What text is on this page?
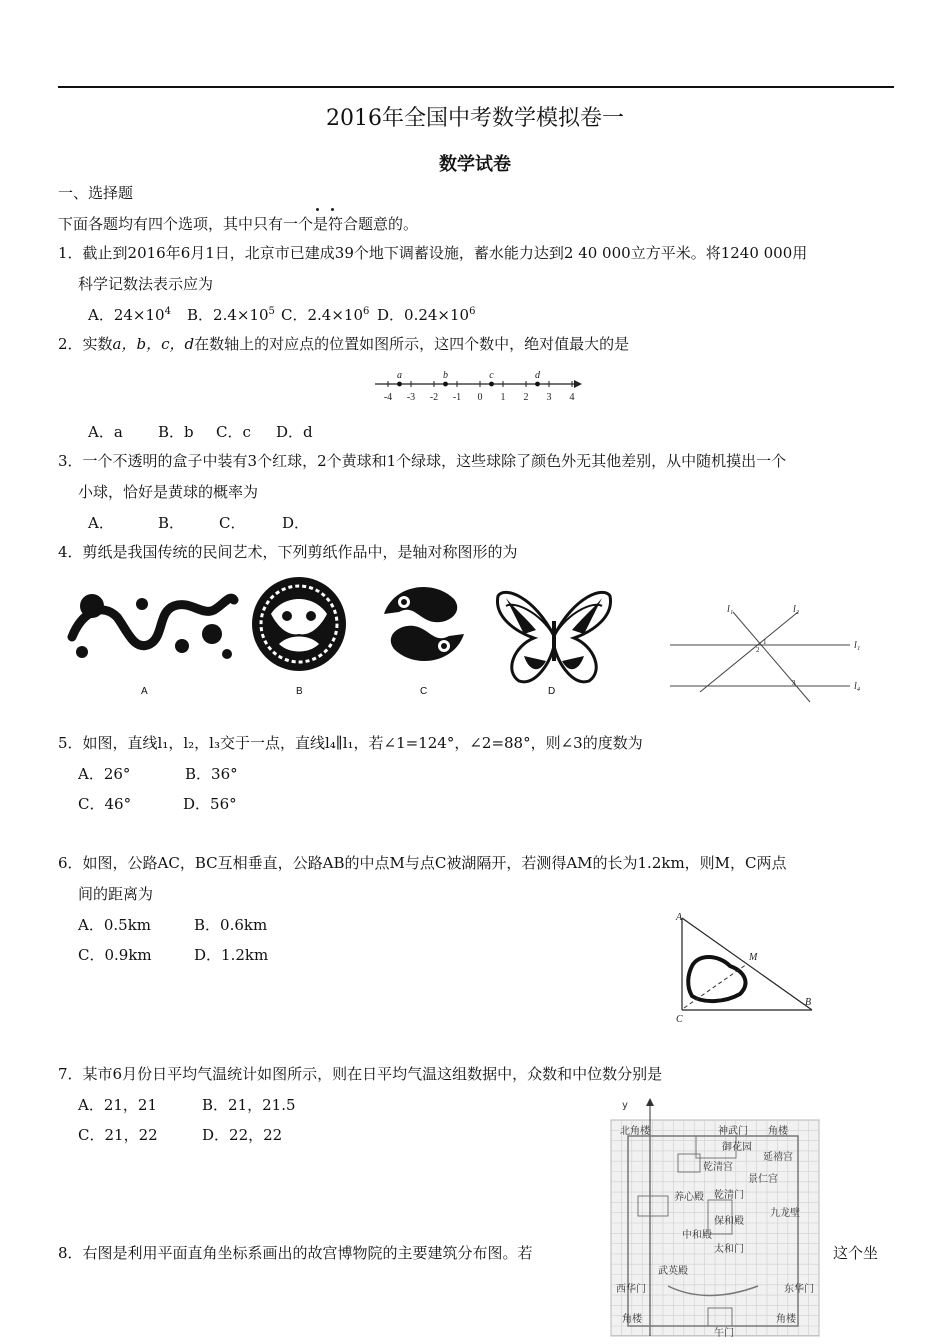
2016年全国中考数学模拟卷一
数学试卷
一、选择题
下面各题均有四个选项，其中只有一个是符合题意的。
1．截止到2016年6月1日，北京市已建成39个地下调蓄设施，蓄水能力达到2 40 000立方平米。将1240 000用
科学记数法表示应为
A．$24\times 10^4$ B．$2.4\times 10^5$ C．$2.4\times 10^6$ D．$0.24\times 10^6$
2．实数a，b，c，d在数轴上的对应点的位置如图所示，这四个数中，绝对值最大的是
-4 -3 -2 -1 0 1 2 3 4
a	b	c	d
A．a B．b C．c D．d
3．一个不透明的盒子中装有3个红球，2个黄球和1个绿球，这些球除了颜色外无其他差别，从中随机摸出一个
小球，恰好是黄球的概率为
A．	B． C． D．
4．剪纸是我国传统的民间艺术，下列剪纸作品中，是轴对称图形的为
A	B	C	D
l₁	l₂
l₁
l₄
1
2
3
5．如图，直线l₁，l₂，l₃交于一点，直线l₄∥l₁，若∠1=124°，∠2=88°，则∠3的度数为
A．26°	B．36°
C．46°	D．56°
6．如图，公路AC，BC互相垂直，公路AB的中点M与点C被湖隔开，若测得AM的长为1.2km，则M，C两点
间的距离为
A．0.5km	B．0.6km
C．0.9km	D．1.2km
A
B
C
M
7．某市6月份日平均气温统计如图所示，则在日平均气温这组数据中，众数和中位数分别是
A．21，21	B．21，21.5
C．21，22	D．22，22
8．右图是利用平面直角坐标系画出的故宫博物院的主要建筑分布图。若	这个坐
y
北 角楼	神武门 角楼
御花园
乾清宫
延禧宫
景仁宫
养心殿 乾清门
保和殿
中和殿
太和门
九龙壁
武英殿
西华门	东华门
角楼	角楼
午门
